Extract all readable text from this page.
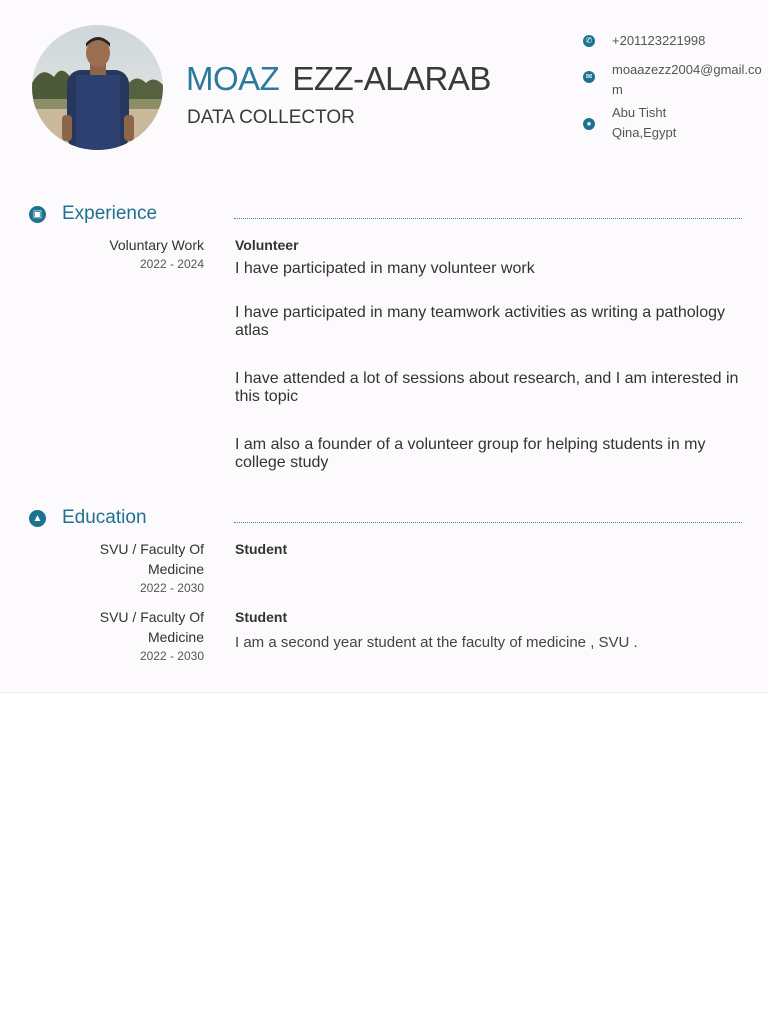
MOAZ EZZ-ALARAB
DATA COLLECTOR
✆ +201123221998
✉ moaazezz2004@gmail.com
●
Abu Tisht
Qina,Egypt
▣ Experience
Voluntary Work
2022 - 2024
Volunteer
I have participated in many volunteer work
I have participated in many teamwork activities as writing a pathology atlas
I have attended a lot of sessions about research, and I am interested in this topic
I am also a founder of a volunteer group for helping students in my college study
▲ Education
SVU / Faculty Of Medicine
2022 - 2030
Student
SVU / Faculty Of Medicine
2022 - 2030
Student
I am a second year student at the faculty of medicine , SVU .
